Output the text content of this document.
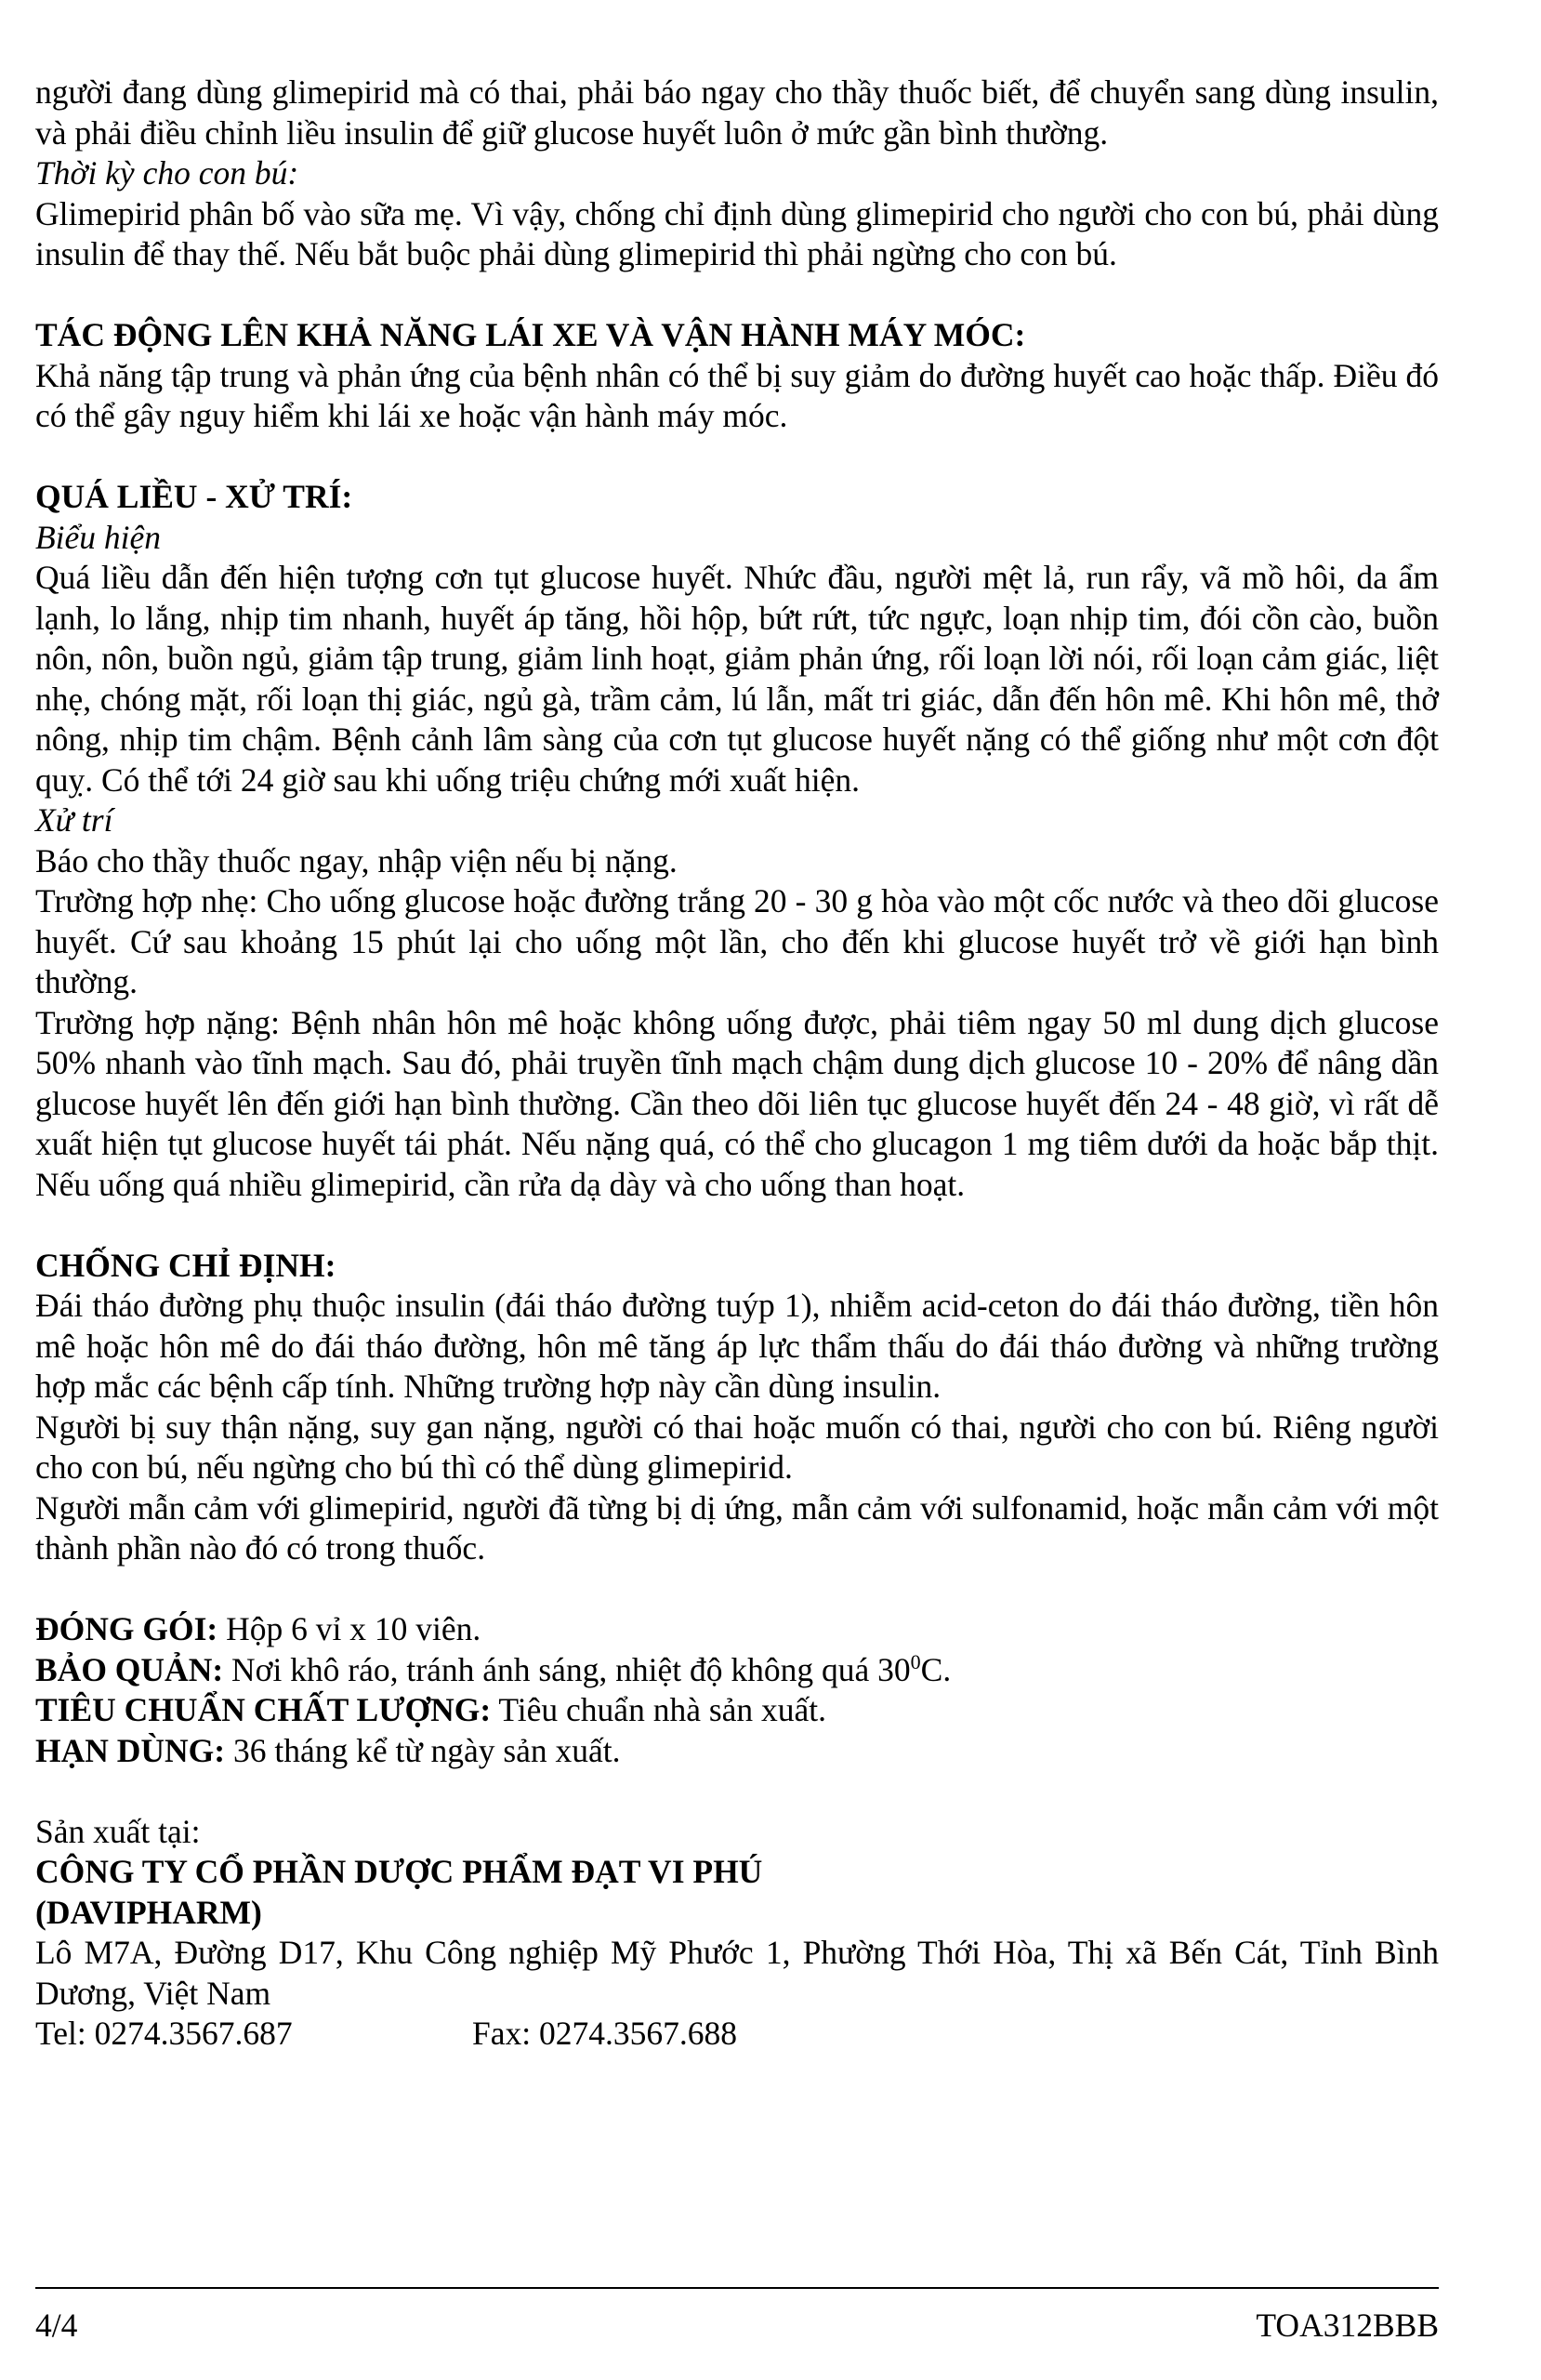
người đang dùng glimepirid mà có thai, phải báo ngay cho thầy thuốc biết, để chuyển sang dùng insulin, và phải điều chỉnh liều insulin để giữ glucose huyết luôn ở mức gần bình thường.

Thời kỳ cho con bú:

Glimepirid phân bố vào sữa mẹ. Vì vậy, chống chỉ định dùng glimepirid cho người cho con bú, phải dùng insulin để thay thế. Nếu bắt buộc phải dùng glimepirid thì phải ngừng cho con bú.

TÁC ĐỘNG LÊN KHẢ NĂNG LÁI XE VÀ VẬN HÀNH MÁY MÓC:

Khả năng tập trung và phản ứng của bệnh nhân có thể bị suy giảm do đường huyết cao hoặc thấp. Điều đó có thể gây nguy hiểm khi lái xe hoặc vận hành máy móc.

QUÁ LIỀU - XỬ TRÍ:

Biểu hiện

Quá liều dẫn đến hiện tượng cơn tụt glucose huyết. Nhức đầu, người mệt lả, run rẩy, vã mồ hôi, da ẩm lạnh, lo lắng, nhịp tim nhanh, huyết áp tăng, hồi hộp, bứt rứt, tức ngực, loạn nhịp tim, đói cồn cào, buồn nôn, nôn, buồn ngủ, giảm tập trung, giảm linh hoạt, giảm phản ứng, rối loạn lời nói, rối loạn cảm giác, liệt nhẹ, chóng mặt, rối loạn thị giác, ngủ gà, trầm cảm, lú lẫn, mất tri giác, dẫn đến hôn mê. Khi hôn mê, thở nông, nhịp tim chậm. Bệnh cảnh lâm sàng của cơn tụt glucose huyết nặng có thể giống như một cơn đột quỵ. Có thể tới 24 giờ sau khi uống triệu chứng mới xuất hiện.

Xử trí

Báo cho thầy thuốc ngay, nhập viện nếu bị nặng.

Trường hợp nhẹ: Cho uống glucose hoặc đường trắng 20 - 30 g hòa vào một cốc nước và theo dõi glucose huyết. Cứ sau khoảng 15 phút lại cho uống một lần, cho đến khi glucose huyết trở về giới hạn bình thường.

Trường hợp nặng: Bệnh nhân hôn mê hoặc không uống được, phải tiêm ngay 50 ml dung dịch glucose 50% nhanh vào tĩnh mạch. Sau đó, phải truyền tĩnh mạch chậm dung dịch glucose 10 - 20% để nâng dần glucose huyết lên đến giới hạn bình thường. Cần theo dõi liên tục glucose huyết đến 24 - 48 giờ, vì rất dễ xuất hiện tụt glucose huyết tái phát. Nếu nặng quá, có thể cho glucagon 1 mg tiêm dưới da hoặc bắp thịt. Nếu uống quá nhiều glimepirid, cần rửa dạ dày và cho uống than hoạt.

CHỐNG CHỈ ĐỊNH:

Đái tháo đường phụ thuộc insulin (đái tháo đường tuýp 1), nhiễm acid-ceton do đái tháo đường, tiền hôn mê hoặc hôn mê do đái tháo đường, hôn mê tăng áp lực thẩm thấu do đái tháo đường và những trường hợp mắc các bệnh cấp tính. Những trường hợp này cần dùng insulin.

Người bị suy thận nặng, suy gan nặng, người có thai hoặc muốn có thai, người cho con bú. Riêng người cho con bú, nếu ngừng cho bú thì có thể dùng glimepirid.

Người mẫn cảm với glimepirid, người đã từng bị dị ứng, mẫn cảm với sulfonamid, hoặc mẫn cảm với một thành phần nào đó có trong thuốc.

ĐÓNG GÓI: Hộp 6 vỉ x 10 viên.

BẢO QUẢN: Nơi khô ráo, tránh ánh sáng, nhiệt độ không quá $30^0C$.

TIÊU CHUẨN CHẤT LƯỢNG: Tiêu chuẩn nhà sản xuất.

HẠN DÙNG: 36 tháng kể từ ngày sản xuất.

Sản xuất tại:

CÔNG TY CỔ PHẦN DƯỢC PHẨM ĐẠT VI PHÚ

(DAVIPHARM)

Lô M7A, Đường D17, Khu Công nghiệp Mỹ Phước 1, Phường Thới Hòa, Thị xã Bến Cát, Tỉnh Bình Dương, Việt Nam

Tel: 0274.3567.687	Fax: 0274.3567.688
4/4	TOA312BBB
